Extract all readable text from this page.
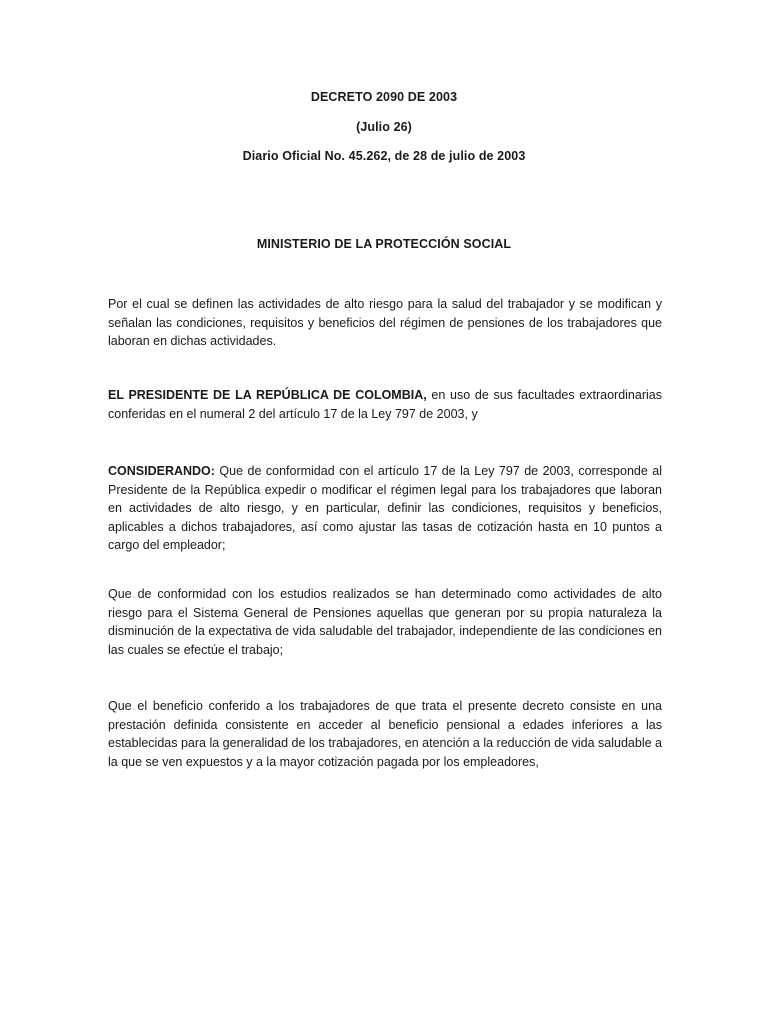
DECRETO 2090 DE 2003

(Julio 26)

Diario Oficial No. 45.262, de 28 de julio de 2003

MINISTERIO DE LA PROTECCIÓN SOCIAL

Por el cual se definen las actividades de alto riesgo para la salud del trabajador y se modifican y señalan las condiciones, requisitos y beneficios del régimen de pensiones de los trabajadores que laboran en dichas actividades.

EL PRESIDENTE DE LA REPÚBLICA DE COLOMBIA, en uso de sus facultades extraordinarias conferidas en el numeral 2 del artículo 17 de la Ley 797 de 2003, y

CONSIDERANDO: Que de conformidad con el artículo 17 de la Ley 797 de 2003, corresponde al Presidente de la República expedir o modificar el régimen legal para los trabajadores que laboran en actividades de alto riesgo, y en particular, definir las condiciones, requisitos y beneficios, aplicables a dichos trabajadores, así como ajustar las tasas de cotización hasta en 10 puntos a cargo del empleador;

Que de conformidad con los estudios realizados se han determinado como actividades de alto riesgo para el Sistema General de Pensiones aquellas que generan por su propia naturaleza la disminución de la expectativa de vida saludable del trabajador, independiente de las condiciones en las cuales se efectúe el trabajo;

Que el beneficio conferido a los trabajadores de que trata el presente decreto consiste en una prestación definida consistente en acceder al beneficio pensional a edades inferiores a las establecidas para la generalidad de los trabajadores, en atención a la reducción de vida saludable a la que se ven expuestos y a la mayor cotización pagada por los empleadores,
